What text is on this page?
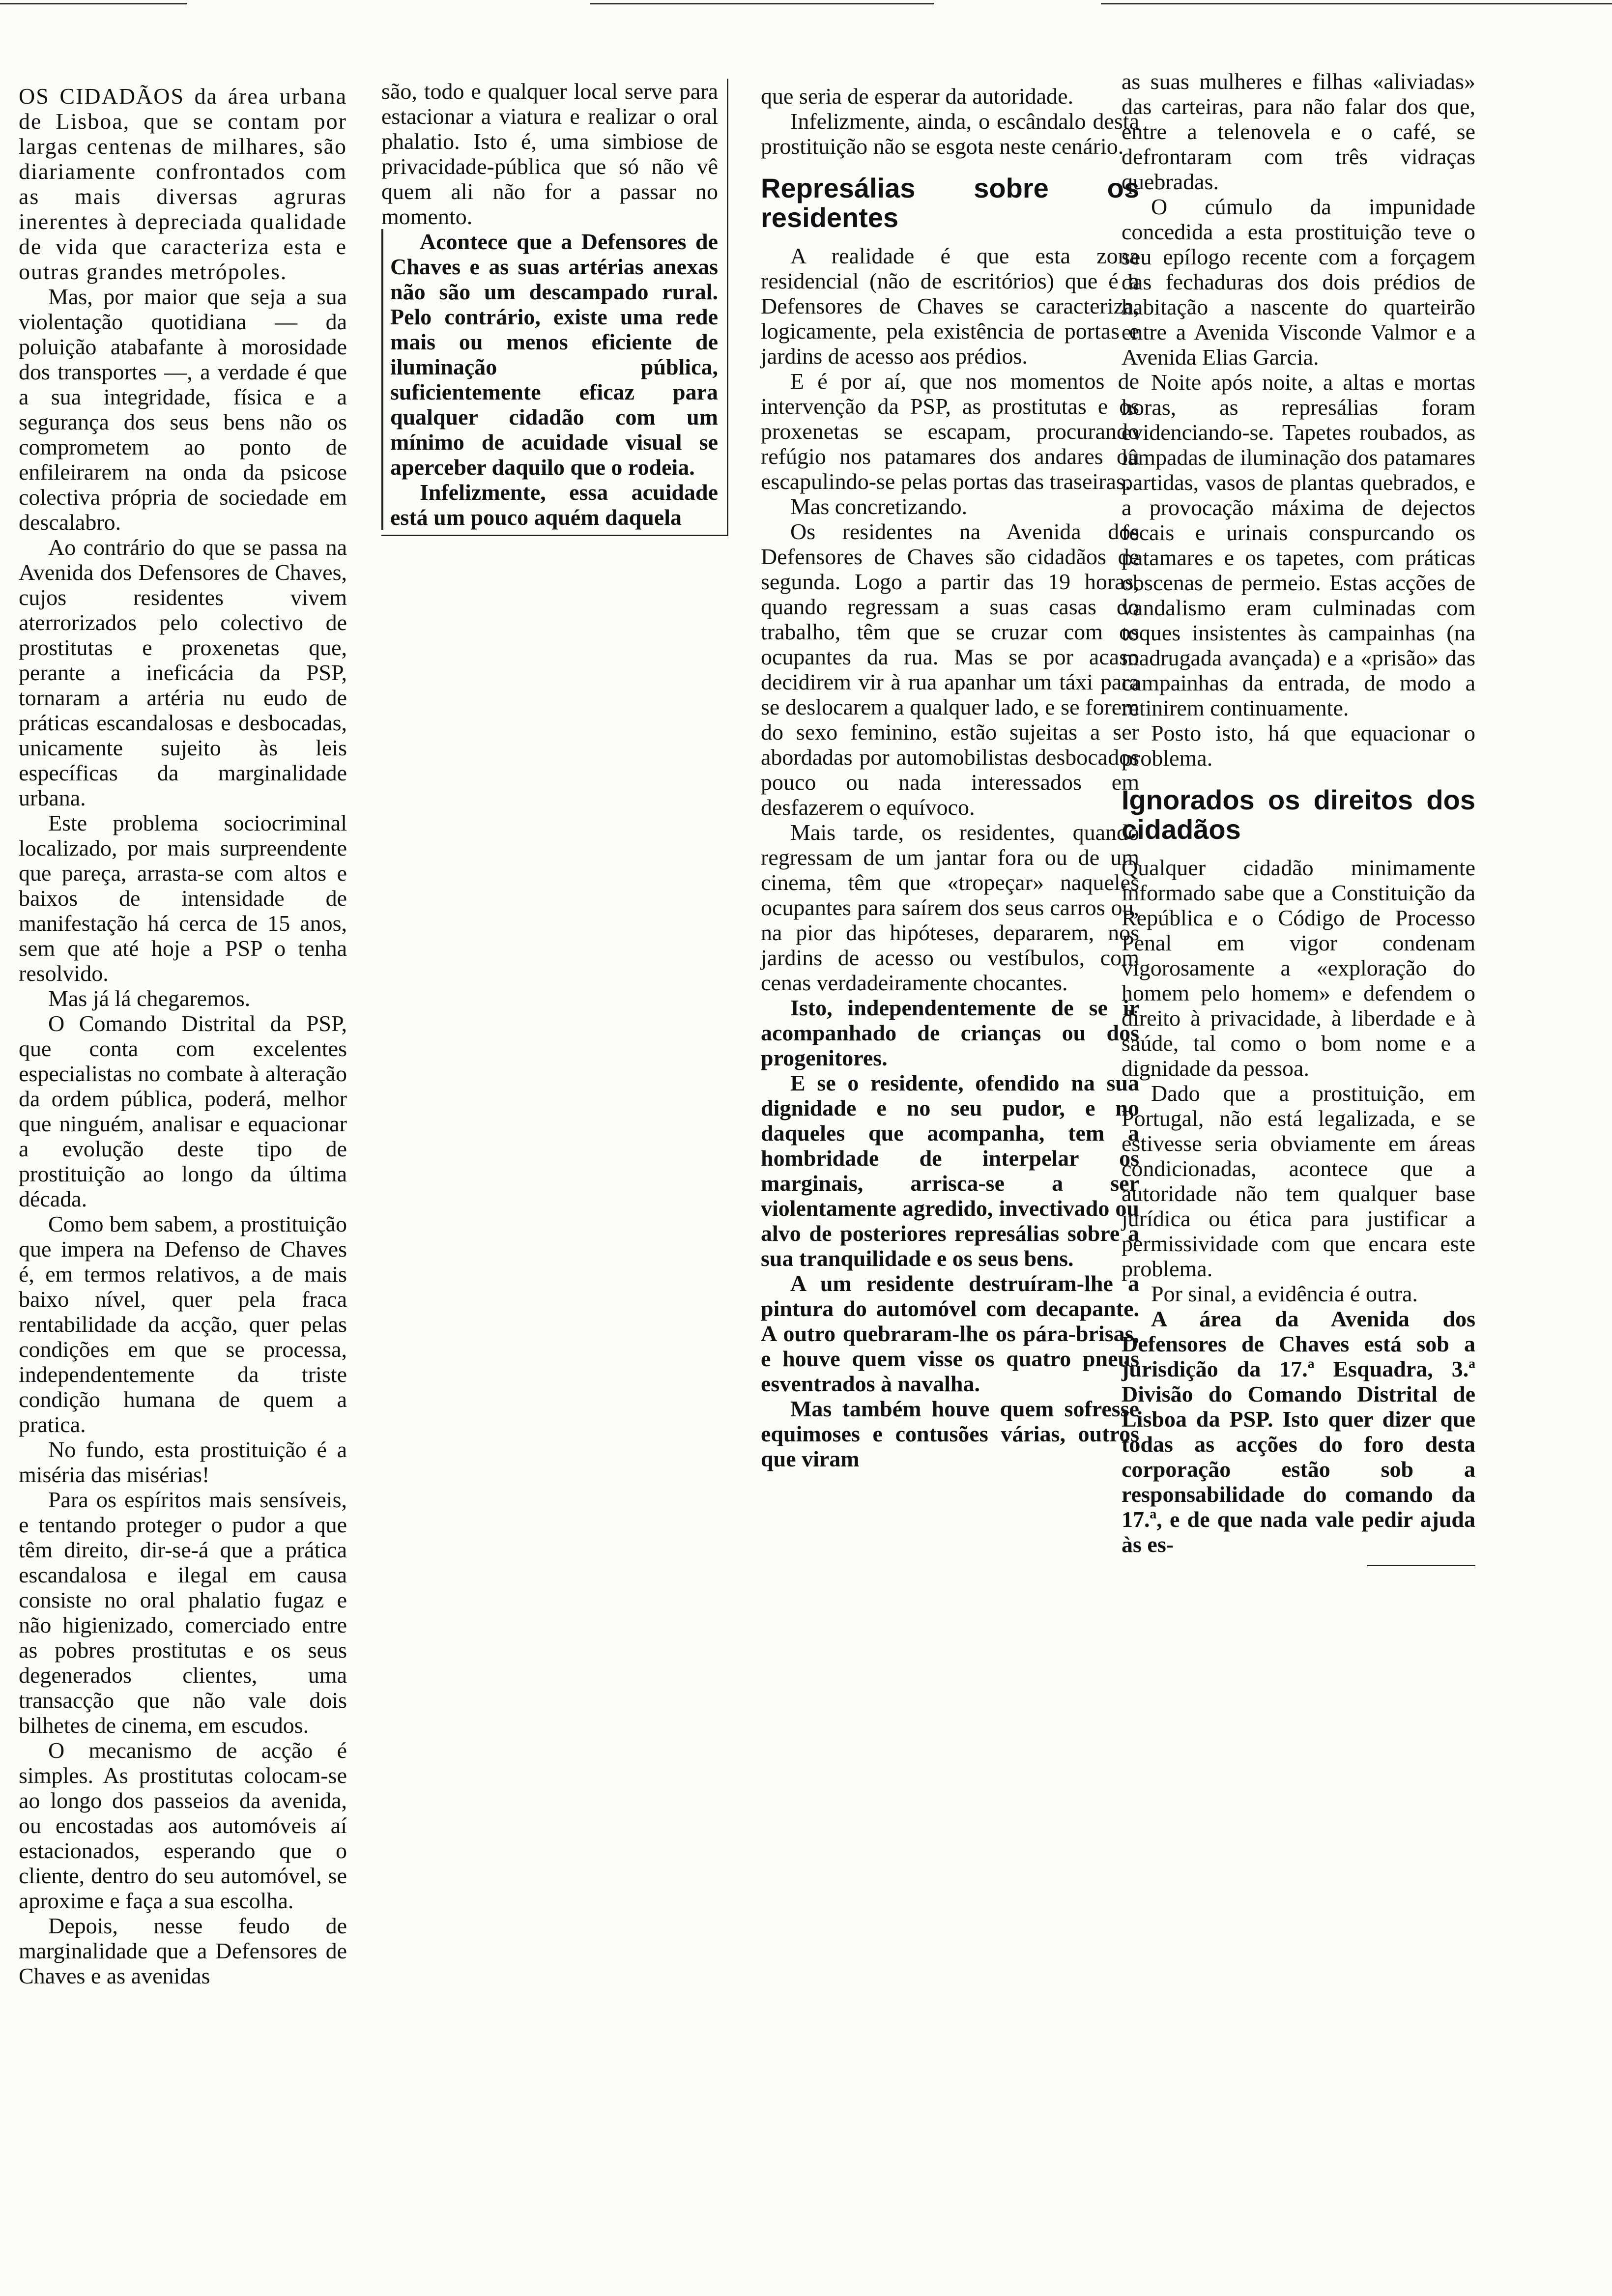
OS CIDADÃOS da área urbana de Lisboa, que se contam por largas centenas de milhares, são diariamente confrontados com as mais diversas agruras inerentes à depreciada qualidade de vida que caracteriza esta e outras grandes metrópoles.

Mas, por maior que seja a sua violentação quotidiana — da poluição atabafante à morosidade dos transportes —, a verdade é que a sua integridade, física e a segurança dos seus bens não os comprometem ao ponto de enfileirarem na onda da psicose colectiva própria de sociedade em descalabro.

Ao contrário do que se passa na Avenida dos Defensores de Chaves, cujos residentes vivem aterrorizados pelo colectivo de prostitutas e proxenetas que, perante a ineficácia da PSP, tornaram a artéria nu eudo de práticas escandalosas e desbocadas, unicamente sujeito às leis específicas da marginalidade urbana.

Este problema sociocriminal localizado, por mais surpreendente que pareça, arrasta-se com altos e baixos de intensidade de manifestação há cerca de 15 anos, sem que até hoje a PSP o tenha resolvido.

Mas já lá chegaremos.

O Comando Distrital da PSP, que conta com excelentes especialistas no combate à alteração da ordem pública, poderá, melhor que ninguém, analisar e equacionar a evolução deste tipo de prostituição ao longo da última década.

Como bem sabem, a prostituição que impera na Defenso de Chaves é, em termos relativos, a de mais baixo nível, quer pela fraca rentabilidade da acção, quer pelas condições em que se processa, independentemente da triste condição humana de quem a pratica.

No fundo, esta prostituição é a miséria das misérias!

Para os espíritos mais sensíveis, e tentando proteger o pudor a que têm direito, dir-se-á que a prática escandalosa e ilegal em causa consiste no oral phalatio fugaz e não higienizado, comerciado entre as pobres prostitutas e os seus degenerados clientes, uma transacção que não vale dois bilhetes de cinema, em escudos.

O mecanismo de acção é simples. As prostitutas colocam-se ao longo dos passeios da avenida, ou encostadas aos automóveis aí estacionados, esperando que o cliente, dentro do seu automóvel, se aproxime e faça a sua escolha.

Depois, nesse feudo de marginalidade que a Defensores de Chaves e as avenidas

são, todo e qualquer local serve para estacionar a viatura e realizar o oral phalatio. Isto é, uma simbiose de privacidade-pública que só não vê quem ali não for a passar no momento.

Acontece que a Defensores de Chaves e as suas artérias anexas não são um descampado rural. Pelo contrário, existe uma rede mais ou menos eficiente de iluminação pública, suficientemente eficaz para qualquer cidadão com um mínimo de acuidade visual se aperceber daquilo que o rodeia.

Infelizmente, essa acuidade está um pouco aquém daquela

que seria de esperar da autoridade.

Infelizmente, ainda, o escândalo desta prostituição não se esgota neste cenário.

Represálias sobre os residentes

A realidade é que esta zona residencial (não de escritórios) que é a Defensores de Chaves se caracteriza, logicamente, pela existência de portas e jardins de acesso aos prédios.

E é por aí, que nos momentos de intervenção da PSP, as prostitutas e os proxenetas se escapam, procurando refúgio nos patamares dos andares ou escapulindo-se pelas portas das traseiras.

Mas concretizando.

Os residentes na Avenida dos Defensores de Chaves são cidadãos de segunda. Logo a partir das 19 horas, quando regressam a suas casas do trabalho, têm que se cruzar com os ocupantes da rua. Mas se por acaso decidirem vir à rua apanhar um táxi para se deslocarem a qualquer lado, e se forem do sexo feminino, estão sujeitas a ser abordadas por automobilistas desbocados pouco ou nada interessados em desfazerem o equívoco.

Mais tarde, os residentes, quando regressam de um jantar fora ou de um cinema, têm que «tropeçar» naqueles ocupantes para saírem dos seus carros ou, na pior das hipóteses, depararem, nos jardins de acesso ou vestíbulos, com cenas verdadeiramente chocantes.

Isto, independentemente de se ir acompanhado de crianças ou dos progenitores.

E se o residente, ofendido na sua dignidade e no seu pudor, e no daqueles que acompanha, tem a hombridade de interpelar os marginais, arrisca-se a ser violentamente agredido, invectivado ou alvo de posteriores represálias sobre a sua tranquilidade e os seus bens.

A um residente destruíram-lhe a pintura do automóvel com decapante. A outro quebraram-lhe os pára-brisas, e houve quem visse os quatro pneus esventrados à navalha.

Mas também houve quem sofresse equimoses e contusões várias, outros que viram

as suas mulheres e filhas «aliviadas» das carteiras, para não falar dos que, entre a telenovela e o café, se defrontaram com três vidraças quebradas.

O cúmulo da impunidade concedida a esta prostituição teve o seu epílogo recente com a forçagem das fechaduras dos dois prédios de habitação a nascente do quarteirão entre a Avenida Visconde Valmor e a Avenida Elias Garcia.

Noite após noite, a altas e mortas horas, as represálias foram evidenciando-se. Tapetes roubados, as lâmpadas de iluminação dos patamares partidas, vasos de plantas quebrados, e a provocação máxima de dejectos fecais e urinais conspurcando os patamares e os tapetes, com práticas obscenas de permeio. Estas acções de vandalismo eram culminadas com toques insistentes às campainhas (na madrugada avançada) e a «prisão» das campainhas da entrada, de modo a retinirem continuamente.

Posto isto, há que equacionar o problema.

Ignorados os direitos dos cidadãos

Qualquer cidadão minimamente informado sabe que a Constituição da República e o Código de Processo Penal em vigor condenam vigorosamente a «exploração do homem pelo homem» e defendem o direito à privacidade, à liberdade e à saúde, tal como o bom nome e a dignidade da pessoa.

Dado que a prostituição, em Portugal, não está legalizada, e se estivesse seria obviamente em áreas condicionadas, acontece que a autoridade não tem qualquer base jurídica ou ética para justificar a permissividade com que encara este problema.

Por sinal, a evidência é outra.

A área da Avenida dos Defensores de Chaves está sob a jurisdição da 17.ª Esquadra, 3.ª Divisão do Comando Distrital de Lisboa da PSP. Isto quer dizer que todas as acções do foro desta corporação estão sob a responsabilidade do comando da 17.ª, e de que nada vale pedir ajuda às es-
